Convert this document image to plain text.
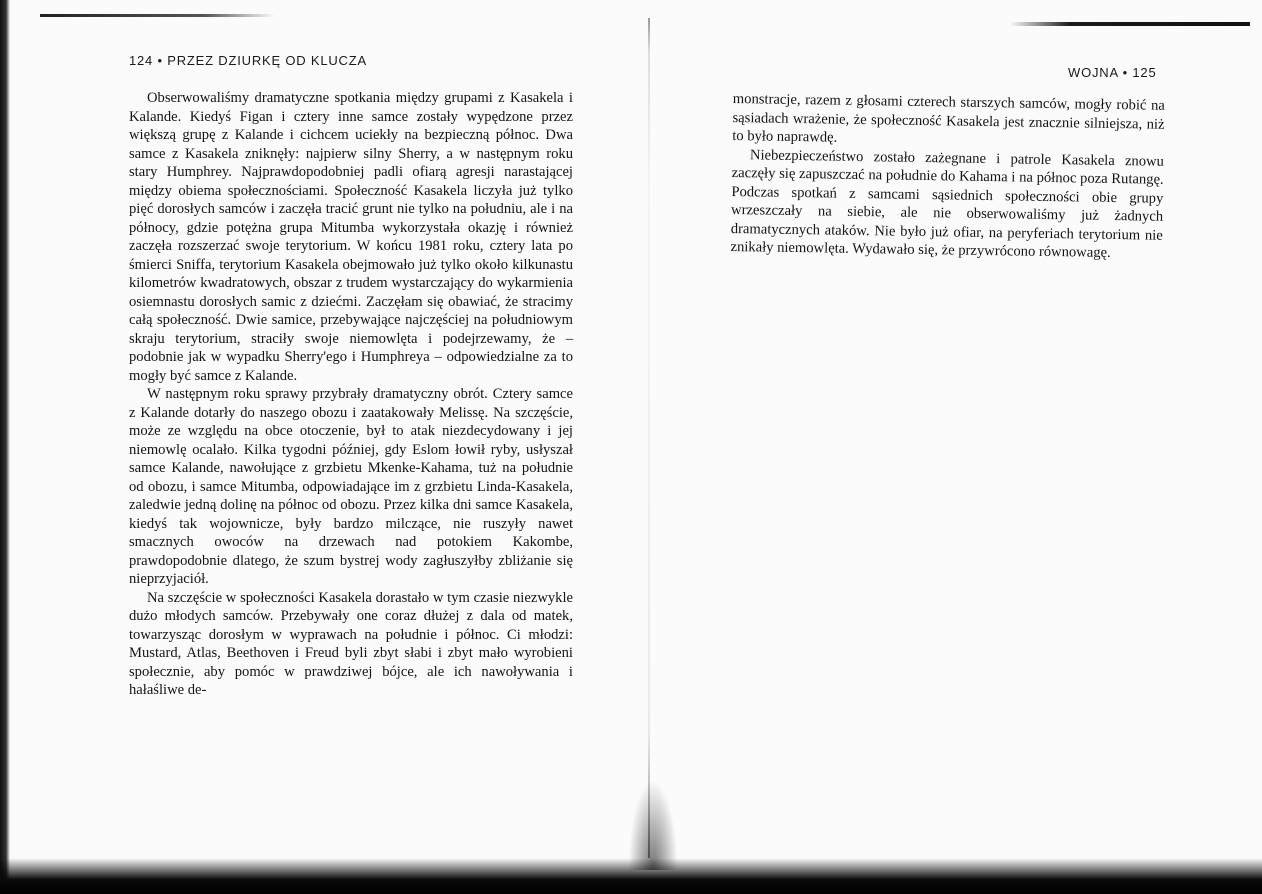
124 • PRZEZ DZIURKĘ OD KLUCZA
WOJNA • 125

Obserwowaliśmy dramatyczne spotkania między grupami z Kasakela i Kalande. Kiedyś Figan i cztery inne samce zostały wypędzone przez większą grupę z Kalande i cichcem uciekły na bezpieczną północ. Dwa samce z Kasakela zniknęły: najpierw silny Sherry, a w następnym roku stary Humphrey. Najprawdopodobniej padli ofiarą agresji narastającej między obiema społecznościami. Społeczność Kasakela liczyła już tylko pięć dorosłych samców i zaczęła tracić grunt nie tylko na południu, ale i na północy, gdzie potężna grupa Mitumba wykorzystała okazję i również zaczęła rozszerzać swoje terytorium. W końcu 1981 roku, cztery lata po śmierci Sniffa, terytorium Kasakela obejmowało już tylko około kilkunastu kilometrów kwadratowych, obszar z trudem wystarczający do wykarmienia osiemnastu dorosłych samic z dziećmi. Zaczęłam się obawiać, że stracimy całą społeczność. Dwie samice, przebywające najczęściej na południowym skraju terytorium, straciły swoje niemowlęta i podejrzewamy, że – podobnie jak w wypadku Sherry'ego i Humphreya – odpowiedzialne za to mogły być samce z Kalande.

W następnym roku sprawy przybrały dramatyczny obrót. Cztery samce z Kalande dotarły do naszego obozu i zaatakowały Melissę. Na szczęście, może ze względu na obce otoczenie, był to atak niezdecydowany i jej niemowlę ocalało. Kilka tygodni później, gdy Eslom łowił ryby, usłyszał samce Kalande, nawołujące z grzbietu Mkenke-Kahama, tuż na południe od obozu, i samce Mitumba, odpowiadające im z grzbietu Linda-Kasakela, zaledwie jedną dolinę na północ od obozu. Przez kilka dni samce Kasakela, kiedyś tak wojownicze, były bardzo milczące, nie ruszyły nawet smacznych owoców na drzewach nad potokiem Kakombe, prawdopodobnie dlatego, że szum bystrej wody zagłuszyłby zbliżanie się nieprzyjaciół.

Na szczęście w społeczności Kasakela dorastało w tym czasie niezwykle dużo młodych samców. Przebywały one coraz dłużej z dala od matek, towarzysząc dorosłym w wyprawach na południe i północ. Ci młodzi: Mustard, Atlas, Beethoven i Freud byli zbyt słabi i zbyt mało wyrobieni społecznie, aby pomóc w prawdziwej bójce, ale ich nawoływania i hałaśliwe de-

monstracje, razem z głosami czterech starszych samców, mogły robić na sąsiadach wrażenie, że społeczność Kasakela jest znacznie silniejsza, niż to było naprawdę.

Niebezpieczeństwo zostało zażegnane i patrole Kasakela znowu zaczęły się zapuszczać na południe do Kahama i na północ poza Rutangę. Podczas spotkań z samcami sąsiednich społeczności obie grupy wrzeszczały na siebie, ale nie obserwowaliśmy już żadnych dramatycznych ataków. Nie było już ofiar, na peryferiach terytorium nie znikały niemowlęta. Wydawało się, że przywrócono równowagę.
